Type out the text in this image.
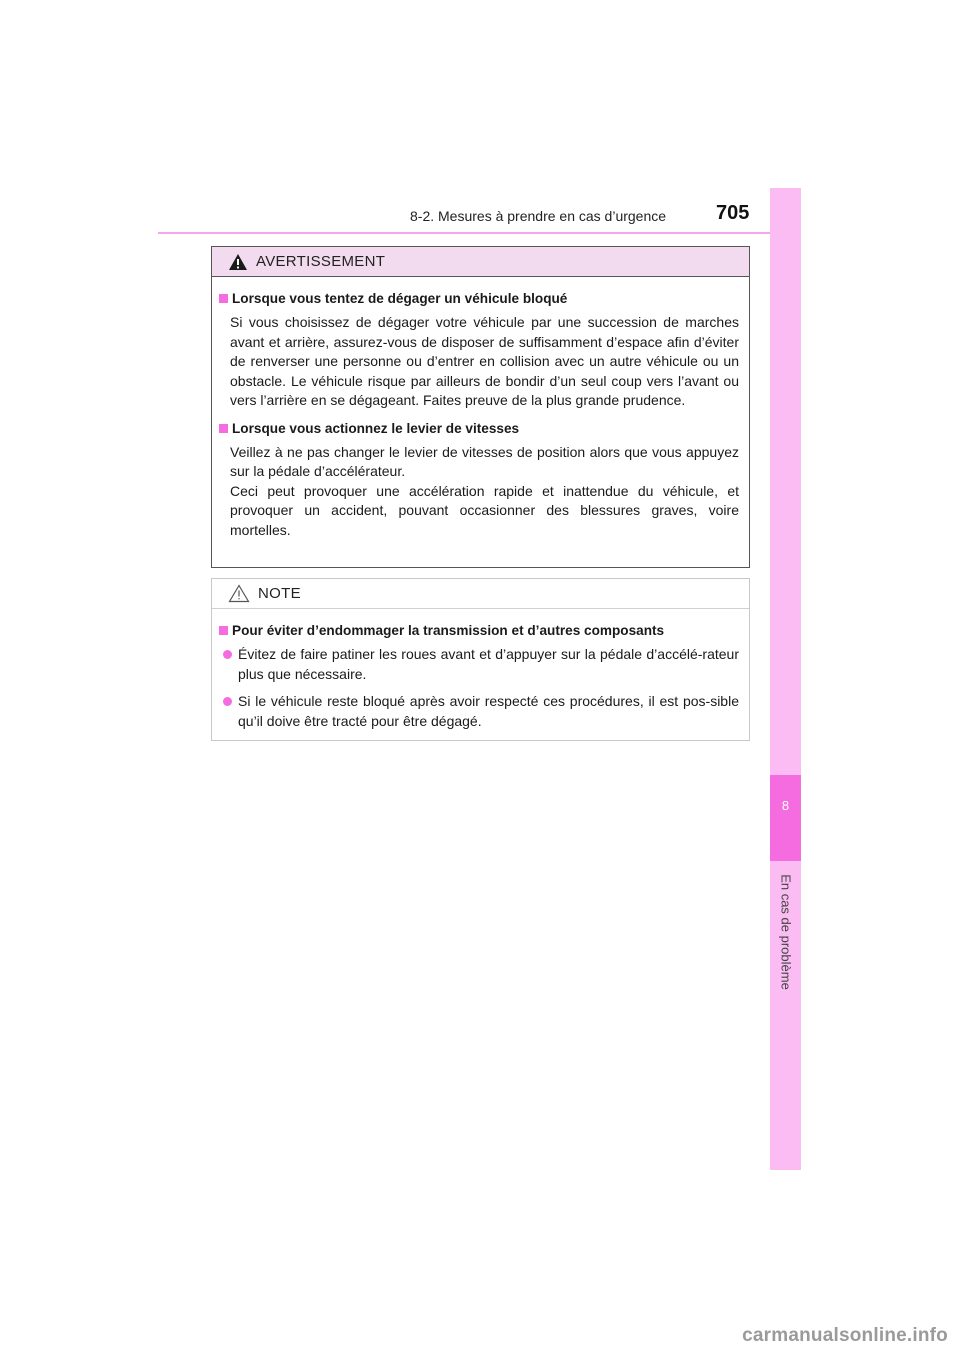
8-2. Mesures à prendre en cas d’urgence 705
8
En cas de problème
AVERTISSEMENT
Lorsque vous tentez de dégager un véhicule bloqué
Si vous choisissez de dégager votre véhicule par une succession de marches avant et arrière, assurez-vous de disposer de suffisamment d’espace afin d’éviter de renverser une personne ou d’entrer en collision avec un autre véhicule ou un obstacle. Le véhicule risque par ailleurs de bondir d’un seul coup vers l’avant ou vers l’arrière en se dégageant. Faites preuve de la plus grande prudence.
Lorsque vous actionnez le levier de vitesses
Veillez à ne pas changer le levier de vitesses de position alors que vous appuyez sur la pédale d’accélérateur.
Ceci peut provoquer une accélération rapide et inattendue du véhicule, et provoquer un accident, pouvant occasionner des blessures graves, voire mortelles.
NOTE
Pour éviter d’endommager la transmission et d’autres composants
Évitez de faire patiner les roues avant et d’appuyer sur la pédale d’accélé-rateur plus que nécessaire.
Si le véhicule reste bloqué après avoir respecté ces procédures, il est pos-sible qu’il doive être tracté pour être dégagé.
carmanualsonline.info
